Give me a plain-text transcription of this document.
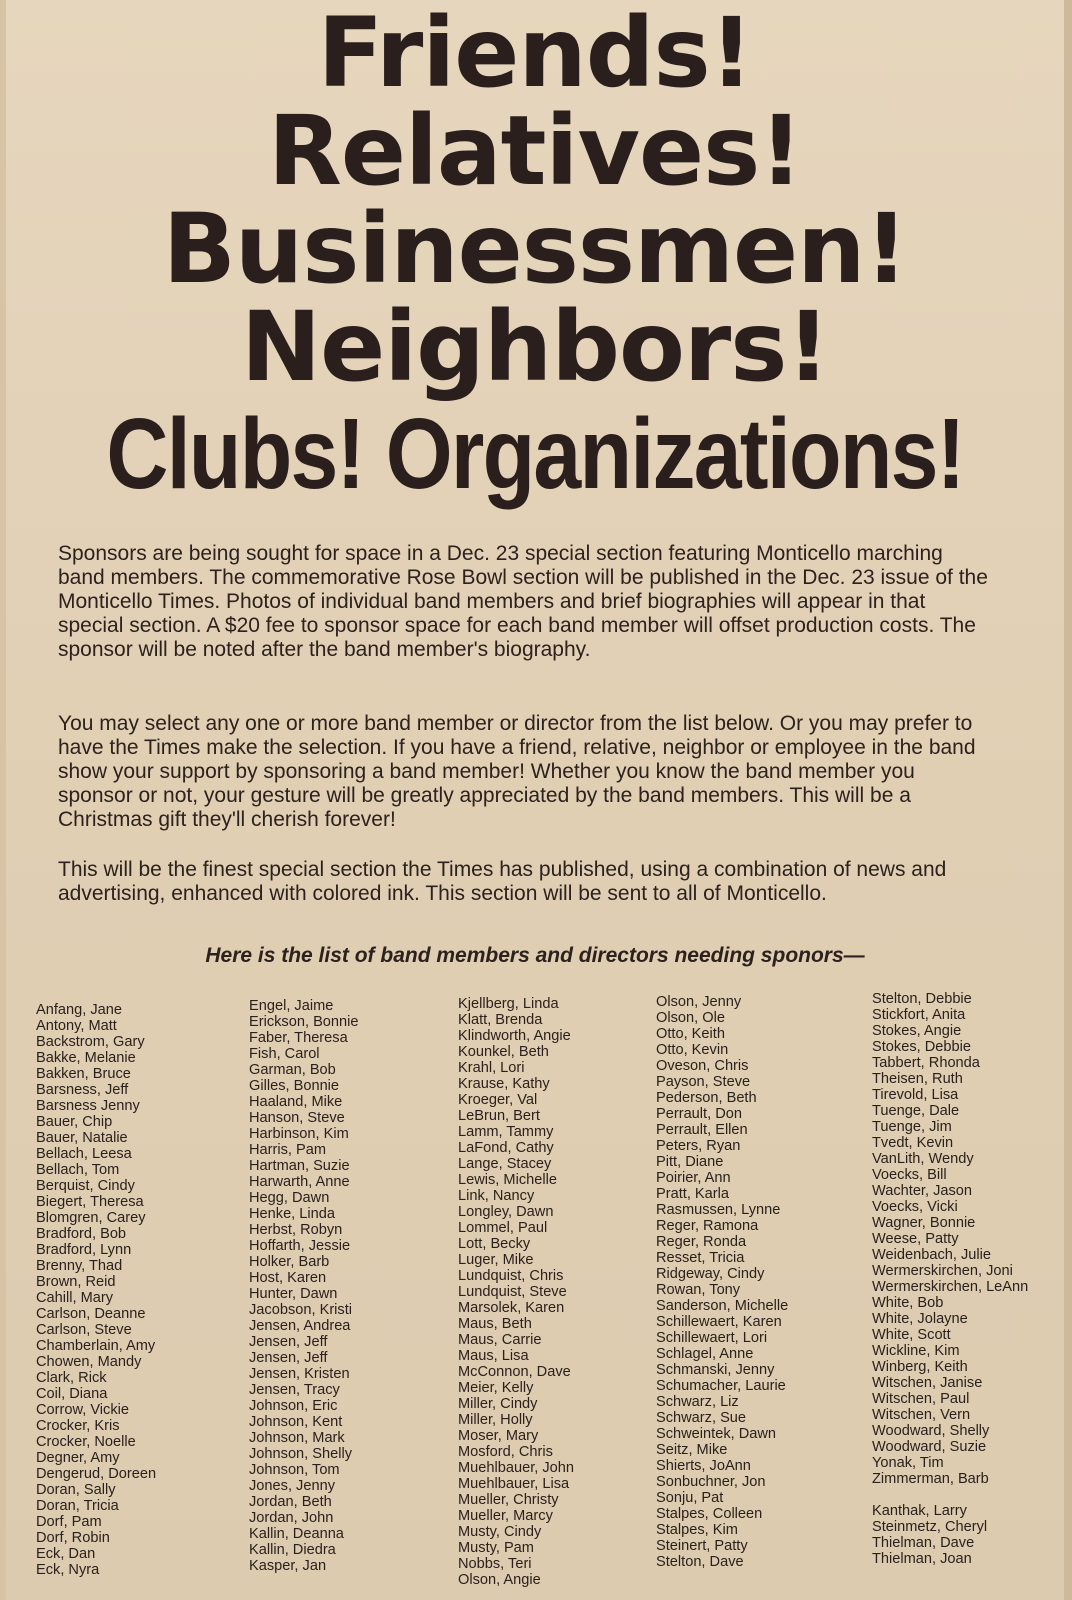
Friends!

Relatives!

Businessmen!

Neighbors!

Clubs! Organizations!

Sponsors are being sought for space in a Dec. 23 special section featuring Monticello marching band members. The commemorative Rose Bowl section will be published in the Dec. 23 issue of the Monticello Times. Photos of individual band members and brief biographies will appear in that special section. A $20 fee to sponsor space for each band member will offset production costs. The sponsor will be noted after the band member's biography.

You may select any one or more band member or director from the list below. Or you may prefer to have the Times make the selection. If you have a friend, relative, neighbor or employee in the band show your support by sponsoring a band member! Whether you know the band member you sponsor or not, your gesture will be greatly appreciated by the band members. This will be a Christmas gift they'll cherish forever!

This will be the finest special section the Times has published, using a combination of news and advertising, enhanced with colored ink. This section will be sent to all of Monticello.

Here is the list of band members and directors needing sponors—
Anfang, Jane
Antony, Matt
Backstrom, Gary
Bakke, Melanie
Bakken, Bruce
Barsness, Jeff
Barsness Jenny
Bauer, Chip
Bauer, Natalie
Bellach, Leesa
Bellach, Tom
Berquist, Cindy
Biegert, Theresa
Blomgren, Carey
Bradford, Bob
Bradford, Lynn
Brenny, Thad
Brown, Reid
Cahill, Mary
Carlson, Deanne
Carlson, Steve
Chamberlain, Amy
Chowen, Mandy
Clark, Rick
Coil, Diana
Corrow, Vickie
Crocker, Kris
Crocker, Noelle
Degner, Amy
Dengerud, Doreen
Doran, Sally
Doran, Tricia
Dorf, Pam
Dorf, Robin
Eck, Dan
Eck, Nyra
Engel, Jaime
Erickson, Bonnie
Faber, Theresa
Fish, Carol
Garman, Bob
Gilles, Bonnie
Haaland, Mike
Hanson, Steve
Harbinson, Kim
Harris, Pam
Hartman, Suzie
Harwarth, Anne
Hegg, Dawn
Henke, Linda
Herbst, Robyn
Hoffarth, Jessie
Holker, Barb
Host, Karen
Hunter, Dawn
Jacobson, Kristi
Jensen, Andrea
Jensen, Jeff
Jensen, Jeff
Jensen, Kristen
Jensen, Tracy
Johnson, Eric
Johnson, Kent
Johnson, Mark
Johnson, Shelly
Johnson, Tom
Jones, Jenny
Jordan, Beth
Jordan, John
Kallin, Deanna
Kallin, Diedra
Kasper, Jan
Kjellberg, Linda
Klatt, Brenda
Klindworth, Angie
Kounkel, Beth
Krahl, Lori
Krause, Kathy
Kroeger, Val
LeBrun, Bert
Lamm, Tammy
LaFond, Cathy
Lange, Stacey
Lewis, Michelle
Link, Nancy
Longley, Dawn
Lommel, Paul
Lott, Becky
Luger, Mike
Lundquist, Chris
Lundquist, Steve
Marsolek, Karen
Maus, Beth
Maus, Carrie
Maus, Lisa
McConnon, Dave
Meier, Kelly
Miller, Cindy
Miller, Holly
Moser, Mary
Mosford, Chris
Muehlbauer, John
Muehlbauer, Lisa
Mueller, Christy
Mueller, Marcy
Musty, Cindy
Musty, Pam
Nobbs, Teri
Olson, Angie
Olson, Jenny
Olson, Ole
Otto, Keith
Otto, Kevin
Oveson, Chris
Payson, Steve
Pederson, Beth
Perrault, Don
Perrault, Ellen
Peters, Ryan
Pitt, Diane
Poirier, Ann
Pratt, Karla
Rasmussen, Lynne
Reger, Ramona
Reger, Ronda
Resset, Tricia
Ridgeway, Cindy
Rowan, Tony
Sanderson, Michelle
Schillewaert, Karen
Schillewaert, Lori
Schlagel, Anne
Schmanski, Jenny
Schumacher, Laurie
Schwarz, Liz
Schwarz, Sue
Schweintek, Dawn
Seitz, Mike
Shierts, JoAnn
Sonbuchner, Jon
Sonju, Pat
Stalpes, Colleen
Stalpes, Kim
Steinert, Patty
Stelton, Dave
Stelton, Debbie
Stickfort, Anita
Stokes, Angie
Stokes, Debbie
Tabbert, Rhonda
Theisen, Ruth
Tirevold, Lisa
Tuenge, Dale
Tuenge, Jim
Tvedt, Kevin
VanLith, Wendy
Voecks, Bill
Wachter, Jason
Voecks, Vicki
Wagner, Bonnie
Weese, Patty
Weidenbach, Julie
Wermerskirchen, Joni
Wermerskirchen, LeAnn
White, Bob
White, Jolayne
White, Scott
Wickline, Kim
Winberg, Keith
Witschen, Janise
Witschen, Paul
Witschen, Vern
Woodward, Shelly
Woodward, Suzie
Yonak, Tim
Zimmerman, Barb
Kanthak, Larry
Steinmetz, Cheryl
Thielman, Dave
Thielman, Joan
